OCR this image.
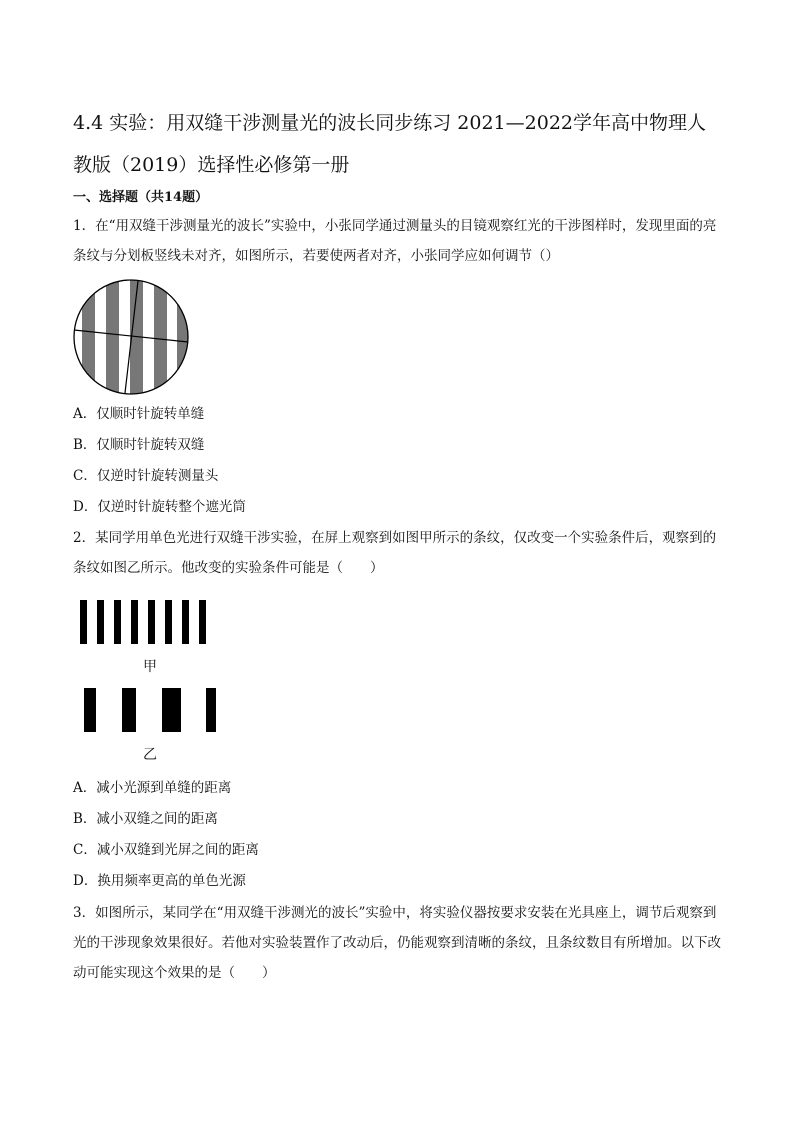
4.4 实验：用双缝干涉测量光的波长同步练习 2021—2022学年高中物理人教版（2019）选择性必修第一册
一、选择题（共14题）
1．在“用双缝干涉测量光的波长”实验中，小张同学通过测量头的目镜观察红光的干涉图样时，发现里面的亮条纹与分划板竖线未对齐，如图所示，若要使两者对齐，小张同学应如何调节（）
A．仅顺时针旋转单缝
B．仅顺时针旋转双缝
C．仅逆时针旋转测量头
D．仅逆时针旋转整个遮光筒
2．某同学用单色光进行双缝干涉实验，在屏上观察到如图甲所示的条纹，仅改变一个实验条件后，观察到的条纹如图乙所示。他改变的实验条件可能是（　　）
甲
乙
A．减小光源到单缝的距离
B．减小双缝之间的距离
C．减小双缝到光屏之间的距离
D．换用频率更高的单色光源
3．如图所示，某同学在“用双缝干涉测光的波长”实验中，将实验仪器按要求安装在光具座上，调节后观察到光的干涉现象效果很好。若他对实验装置作了改动后，仍能观察到清晰的条纹，且条纹数目有所增加。以下改动可能实现这个效果的是（　　）
